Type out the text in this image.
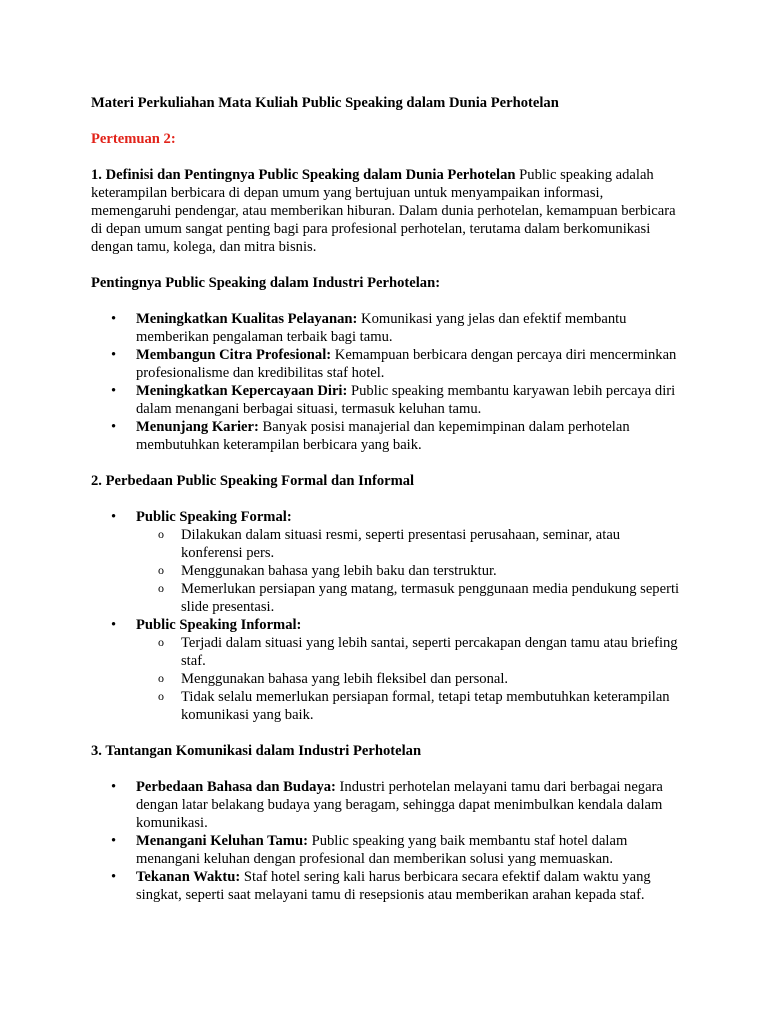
Materi Perkuliahan Mata Kuliah Public Speaking dalam Dunia Perhotelan

Pertemuan 2:

1. Definisi dan Pentingnya Public Speaking dalam Dunia Perhotelan Public speaking adalah keterampilan berbicara di depan umum yang bertujuan untuk menyampaikan informasi, memengaruhi pendengar, atau memberikan hiburan. Dalam dunia perhotelan, kemampuan berbicara di depan umum sangat penting bagi para profesional perhotelan, terutama dalam berkomunikasi dengan tamu, kolega, dan mitra bisnis.

Pentingnya Public Speaking dalam Industri Perhotelan:

• Meningkatkan Kualitas Pelayanan: Komunikasi yang jelas dan efektif membantu memberikan pengalaman terbaik bagi tamu.
• Membangun Citra Profesional: Kemampuan berbicara dengan percaya diri mencerminkan profesionalisme dan kredibilitas staf hotel.
• Meningkatkan Kepercayaan Diri: Public speaking membantu karyawan lebih percaya diri dalam menangani berbagai situasi, termasuk keluhan tamu.
• Menunjang Karier: Banyak posisi manajerial dan kepemimpinan dalam perhotelan membutuhkan keterampilan berbicara yang baik.

2. Perbedaan Public Speaking Formal dan Informal

• Public Speaking Formal:
o Dilakukan dalam situasi resmi, seperti presentasi perusahaan, seminar, atau konferensi pers.
o Menggunakan bahasa yang lebih baku dan terstruktur.
o Memerlukan persiapan yang matang, termasuk penggunaan media pendukung seperti slide presentasi.
• Public Speaking Informal:
o Terjadi dalam situasi yang lebih santai, seperti percakapan dengan tamu atau briefing staf.
o Menggunakan bahasa yang lebih fleksibel dan personal.
o Tidak selalu memerlukan persiapan formal, tetapi tetap membutuhkan keterampilan komunikasi yang baik.

3. Tantangan Komunikasi dalam Industri Perhotelan

• Perbedaan Bahasa dan Budaya: Industri perhotelan melayani tamu dari berbagai negara dengan latar belakang budaya yang beragam, sehingga dapat menimbulkan kendala dalam komunikasi.
• Menangani Keluhan Tamu: Public speaking yang baik membantu staf hotel dalam menangani keluhan dengan profesional dan memberikan solusi yang memuaskan.
• Tekanan Waktu: Staf hotel sering kali harus berbicara secara efektif dalam waktu yang singkat, seperti saat melayani tamu di resepsionis atau memberikan arahan kepada staf.
